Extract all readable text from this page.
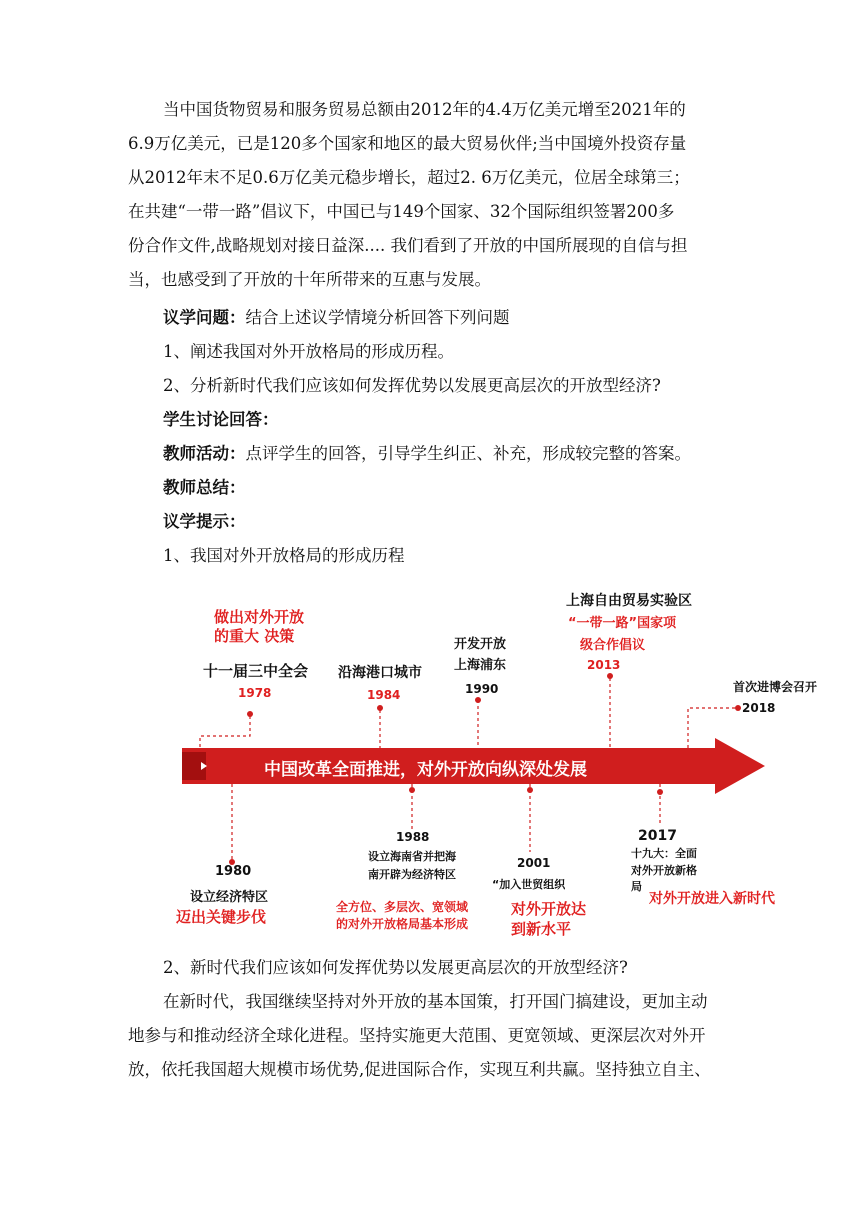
当中国货物贸易和服务贸易总额由2012年的4.4万亿美元增至2021年的
6.9万亿美元，已是120多个国家和地区的最大贸易伙伴;当中国境外投资存量
从2012年末不足0.6万亿美元稳步增长，超过2. 6万亿美元，位居全球第三；
在共建“一带一路”倡议下，中国已与149个国家、32个国际组织签署200多
份合作文件,战略规划对接日益深.... 我们看到了开放的中国所展现的自信与担
当，也感受到了开放的十年所带来的互惠与发展。
议学问题：结合上述议学情境分析回答下列问题
1、阐述我国对外开放格局的形成历程。
2、分析新时代我们应该如何发挥优势以发展更高层次的开放型经济?
学生讨论回答：
教师活动：点评学生的回答，引导学生纠正、补充，形成较完整的答案。
教师总结：
议学提示：
1、我国对外开放格局的形成历程
中国改革全面推进，对外开放向纵深处发展
做出对外开放的重大 决策
十一届三中全会
1978
沿海港口城市
1984
开发开放
上海浦东
1990
上海自由贸易实验区
“一带一路”国家项
级合作倡议
2013
首次进博会召开
2018
1980
设立经济特区
迈出关键步伐
1988
设立海南省并把海
南开辟为经济特区
全方位、多层次、宽领域
的对外开放格局基本形成
2001
“加入世贸组织
对外开放达
到新水平
2017
十九大：全面
对外开放新格
局
对外开放进入新时代
2、新时代我们应该如何发挥优势以发展更高层次的开放型经济?
在新时代，我国继续坚持对外开放的基本国策，打开国门搞建设，更加主动
地参与和推动经济全球化进程。坚持实施更大范围、更宽领域、更深层次对外开
放，依托我国超大规模市场优势,促进国际合作，实现互利共赢。坚持独立自主、
